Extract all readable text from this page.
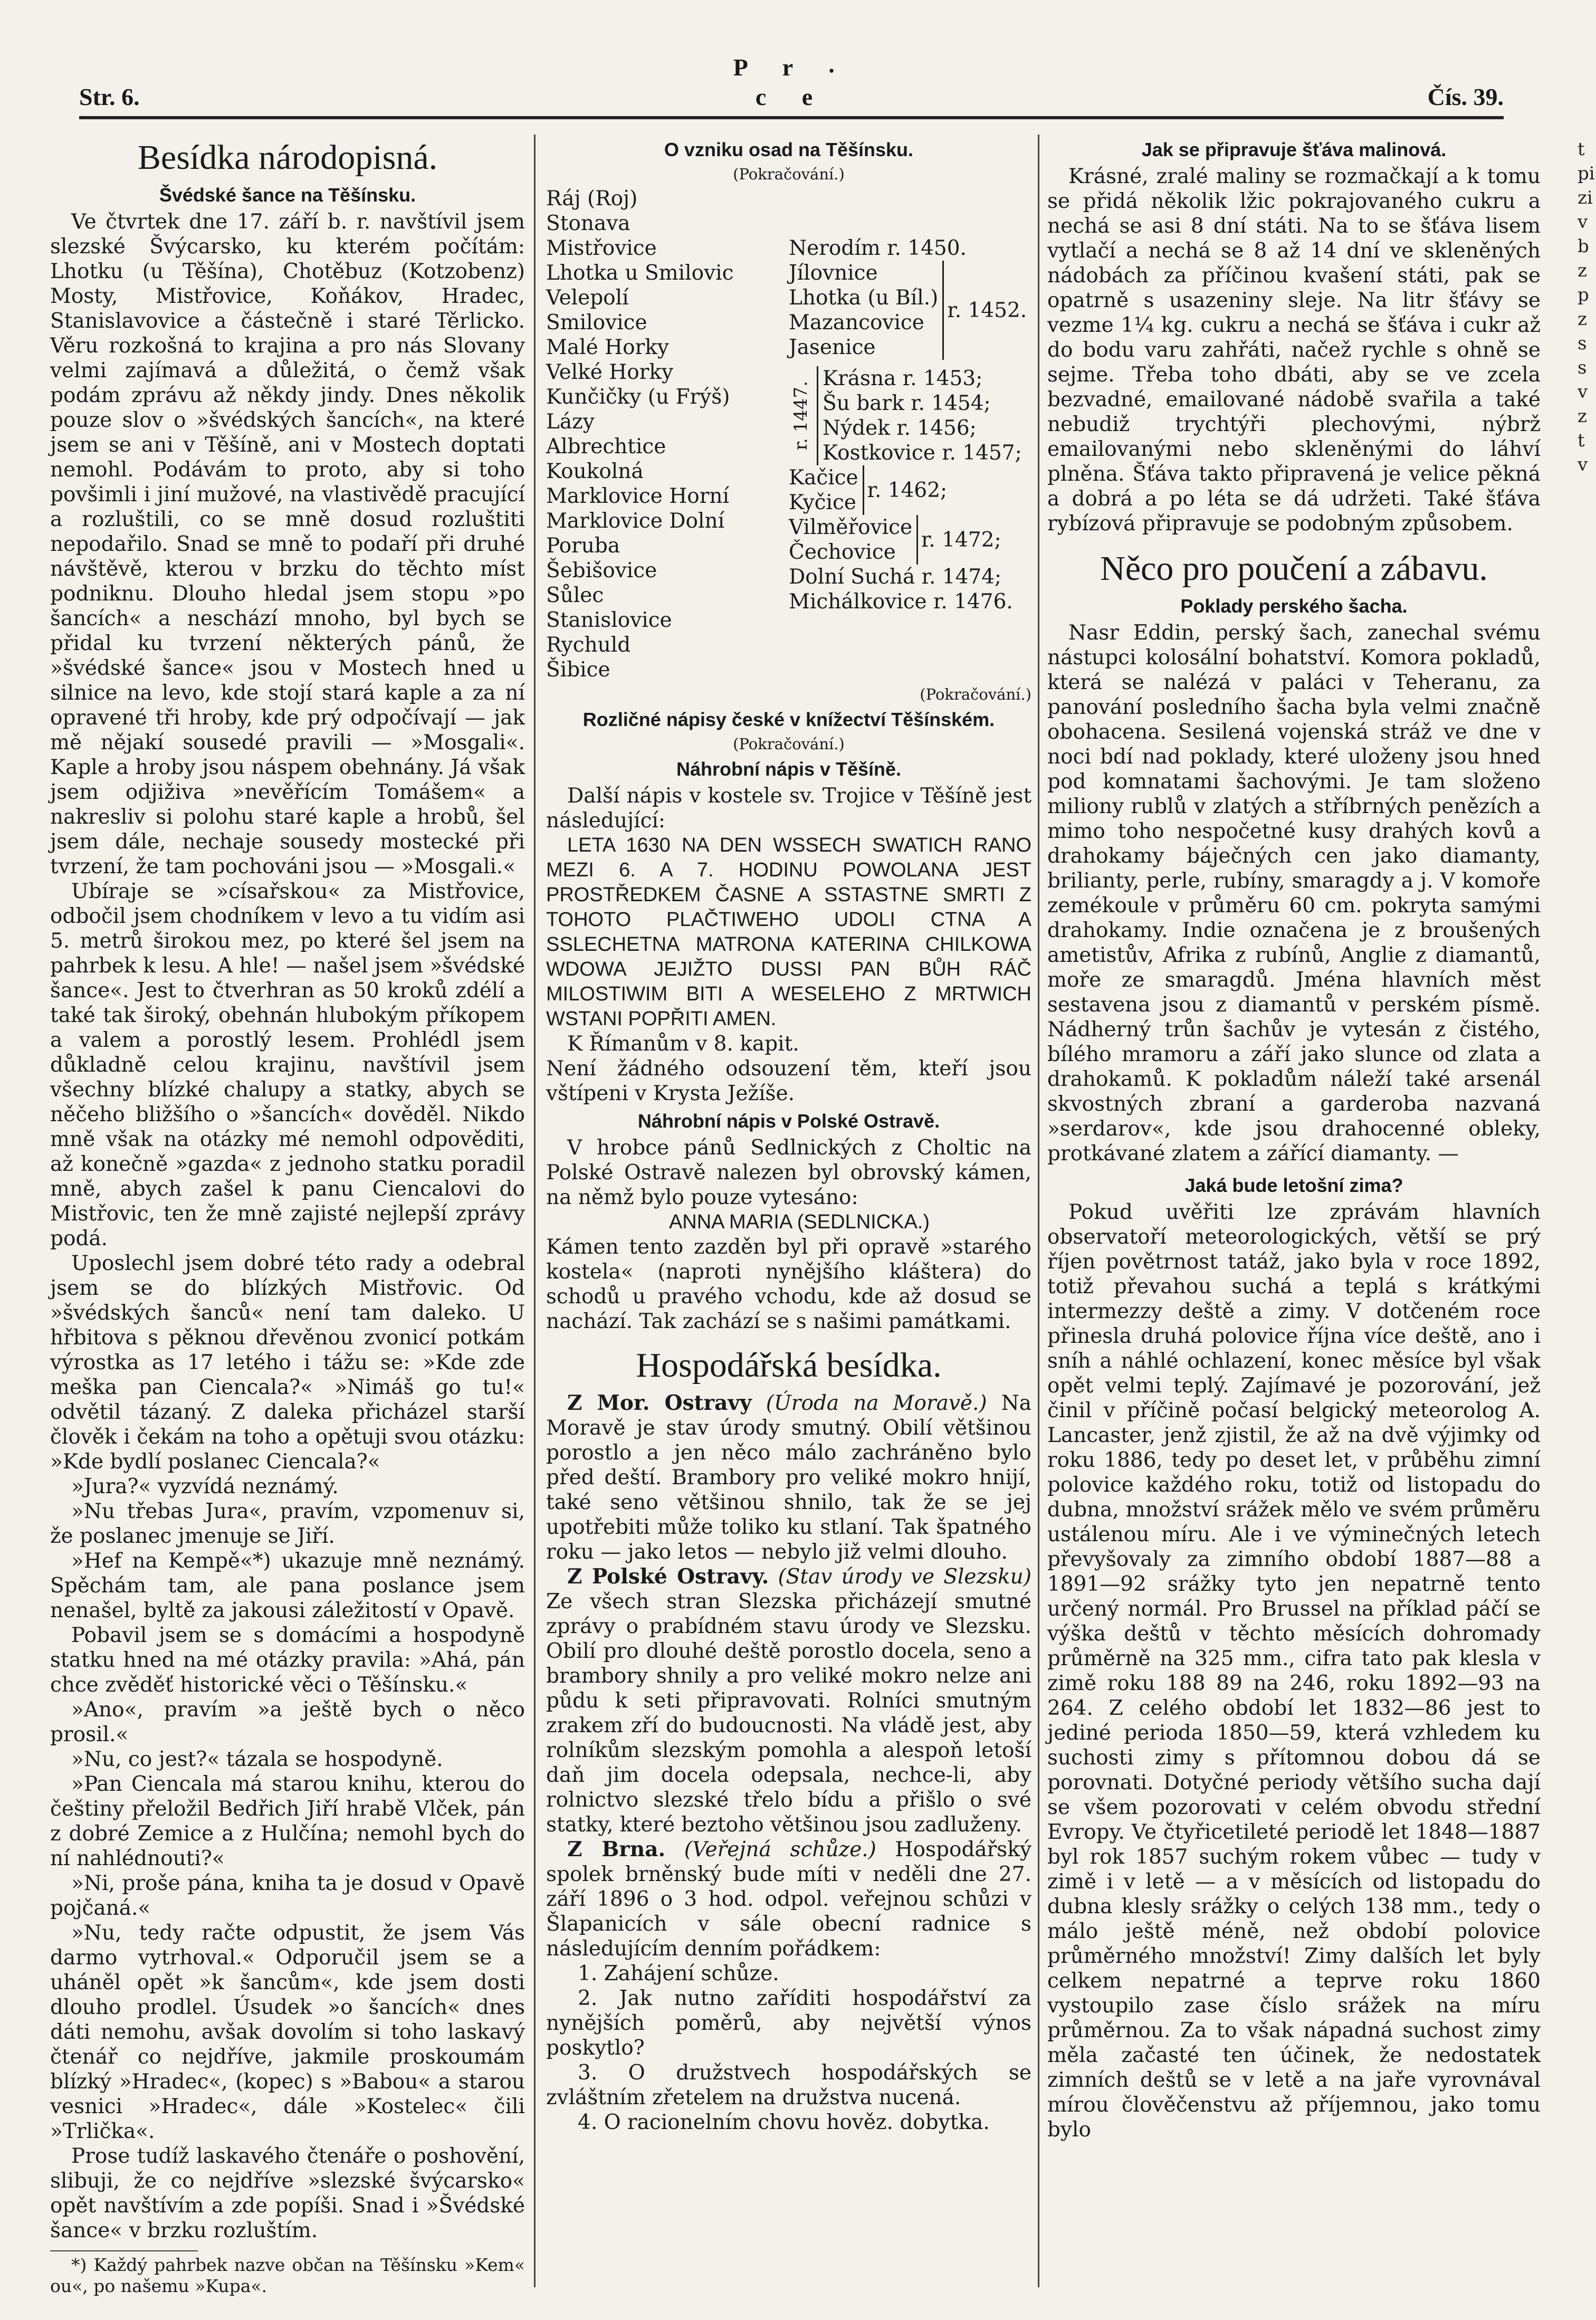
Str. 6.
P r ⸳ c e	Čís. 39.
Besídka národopisná.
Švédské šance na Těšínsku.

Ve čtvrtek dne 17. září b. r. navštívil jsem slezské Švýcarsko, ku kterém počítám: Lhotku (u Těšína), Chotěbuz (Kotzobenz) Mosty, Mistřovice, Koňákov, Hradec, Stanislavovice a částečně i staré Těrlicko. Věru rozkošná to krajina a pro nás Slovany velmi zajímavá a důležitá, o čemž však podám zprávu až někdy jindy. Dnes několik pouze slov o »švédských šancích«, na které jsem se ani v Těšíně, ani v Mostech doptati nemohl. Podávám to proto, aby si toho povšimli i jiní mužové, na vlastivědě pracující a rozluštili, co se mně dosud rozluštiti nepodařilo. Snad se mně to podaří při druhé návštěvě, kterou v brzku do těchto míst podniknu. Dlouho hledal jsem stopu »po šancích« a neschází mnoho, byl bych se přidal ku tvrzení některých pánů, že »švédské šance« jsou v Mostech hned u silnice na levo, kde stojí stará kaple a za ní opravené tři hroby, kde prý odpočívají — jak mě nějakí sousedé pravili — »Mosgali«. Kaple a hroby jsou náspem obehnány. Já však jsem odjiživa »nevěřícím Tomášem« a nakresliv si polohu staré kaple a hrobů, šel jsem dále, nechaje sousedy mostecké při tvrzení, že tam pochováni jsou — »Mosgali.«

Ubíraje se »císařskou« za Mistřovice, odbočil jsem chodníkem v levo a tu vidím asi 5. metrů širokou mez, po které šel jsem na pahrbek k lesu. A hle! — našel jsem »švédské šance«. Jest to čtverhran as 50 kroků zdélí a také tak široký, obehnán hlubokým příkopem a valem a porostlý lesem. Prohlédl jsem důkladně celou krajinu, navštívil jsem všechny blízké chalupy a statky, abych se něčeho bližšího o »šancích« dověděl. Nikdo mně však na otázky mé nemohl odpověditi, až konečně »gazda« z jednoho statku poradil mně, abych zašel k panu Ciencalovi do Mistřovic, ten že mně zajisté nejlepší zprávy podá.

Uposlechl jsem dobré této rady a odebral jsem se do blízkých Mistřovic. Od »švédských šanců« není tam daleko. U hřbitova s pěknou dřevěnou zvonicí potkám výrostka as 17 letého i tážu se: »Kde zde meška pan Ciencala?« »Nimáš go tu!« odvětil tázaný. Z daleka přicházel starší člověk i čekám na toho a opětuji svou otázku: »Kde bydlí poslanec Ciencala?«

»Jura?« vyzvídá neznámý.

»Nu třebas Jura«, pravím, vzpomenuv si, že poslanec jmenuje se Jiří.

»Hef na Kempě«*) ukazuje mně neznámý. Spěchám tam, ale pana poslance jsem nenašel, byltě za jakousi záležitostí v Opavě.

Pobavil jsem se s domácími a hospodyně statku hned na mé otázky pravila: »Ahá, pán chce zvěděť historické věci o Těšínsku.«

»Ano«, pravím »a ještě bych o něco prosil.«

»Nu, co jest?« tázala se hospodyně.

»Pan Ciencala má starou knihu, kterou do češtiny přeložil Bedřich Jiří hrabě Vlček, pán z dobré Zemice a z Hulčína; nemohl bych do ní nahlédnouti?«

»Ni, proše pána, kniha ta je dosud v Opavě pojčaná.«

»Nu, tedy račte odpustit, že jsem Vás darmo vytrhoval.« Odporučil jsem se a uháněl opět »k šancům«, kde jsem dosti dlouho prodlel. Úsudek »o šancích« dnes dáti nemohu, avšak dovolím si toho laskavý čtenář co nejdříve, jakmile proskoumám blízký »Hradec«, (kopec) s »Babou« a starou vesnici »Hradec«, dále »Kostelec« čili »Trlička«.

Prose tudíž laskavého čtenáře o poshovění, slibuji, že co nejdříve »slezské švýcarsko« opět navštívím a zde popíši. Snad i »Švédské šance« v brzku rozluštím.

*) Každý pahrbek nazve občan na Těšínsku »Kem« ou«, po našemu »Kupa«.

O vzniku osad na Těšínsku.
(Pokračování.)
Ráj (Roj)
Stonava
Mistřovice
Lhotka u Smilovic
Velepolí
Smilovice
Malé Horky
Velké Horky
Kunčičky (u Frýš)
Lázy
Albrechtice
Koukolná
Marklovice Horní
Marklovice Dolní
Poruba
Šebišovice
Sůlec
Stanislovice
Rychuld
Šibice
Nerodím r. 1450.
Jílovnice
Lhotka (u Bíl.)
Mazancovice
Jasenice
r. 1452.
r. 1447.
Krásna r. 1453;
Šu bark r. 1454;
Nýdek r. 1456;
Kostkovice r. 1457;
Kačice
Kyčice
r. 1462;
Vilměřovice
Čechovice
r. 1472;
Dolní Suchá r. 1474;
Michálkovice r. 1476.
(Pokračování.)
Rozličné nápisy české v knížectví Těšínském.
(Pokračování.)
Náhrobní nápis v Těšíně.

Další nápis v kostele sv. Trojice v Těšíně jest následující:

LETA 1630 NA DEN WSSECH SWATICH RANO MEZI 6. A 7. HODINU POWOLANA JEST PROSTŘEDKEM ČASNE A SSTASTNE SMRTI Z TOHOTO PLAČTIWEHO UDOLI CTNA A SSLECHETNA MATRONA KATERINA CHILKOWA WDOWA JEJIŽTO DUSSI PAN BŮH RÁČ MILOSTIWIM BITI A WESELEHO Z MRTWICH WSTANI POPŘITI AMEN.

K Římanům v 8. kapit.

Není žádného odsouzení těm, kteří jsou vštípeni v Krysta Ježíše.

Náhrobní nápis v Polské Ostravě.

V hrobce pánů Sedlnických z Choltic na Polské Ostravě nalezen byl obrovský kámen, na němž bylo pouze vytesáno:

ANNA MARIA (SEDLNICKA.)

Kámen tento zazděn byl při opravě »starého kostela« (naproti nynějšího kláštera) do schodů u pravého vchodu, kde až dosud se nachází. Tak zachází se s našimi památkami.

Hospodářská besídka.

Z Mor. Ostravy (Úroda na Moravě.) Na Moravě je stav úrody smutný. Obilí většinou porostlo a jen něco málo zachráněno bylo před deští. Brambory pro veliké mokro hnijí, také seno většinou shnilo, tak že se jej upotřebiti může toliko ku stlaní. Tak špatného roku — jako letos — nebylo již velmi dlouho.

Z Polské Ostravy. (Stav úrody ve Slezsku) Ze všech stran Slezska přicházejí smutné zprávy o prabídném stavu úrody ve Slezsku. Obilí pro dlouhé deště porostlo docela, seno a brambory shnily a pro veliké mokro nelze ani půdu k seti připravovati. Rolníci smutným zrakem zří do budoucnosti. Na vládě jest, aby rolníkům slezským pomohla a alespoň letoší daň jim docela odepsala, nechce-li, aby rolnictvo slezské třelo bídu a přišlo o své statky, které beztoho většinou jsou zadluženy.

Z Brna. (Veřejná schůze.) Hospodářský spolek brněnský bude míti v neděli dne 27. září 1896 o 3 hod. odpol. veřejnou schůzi v Šlapanicích v sále obecní radnice s následujícím denním pořádkem:

1. Zahájení schůze.

2. Jak nutno zaříditi hospodářství za nynějších poměrů, aby největší výnos poskytlo?

3. O družstvech hospodářských se zvláštním zřetelem na družstva nucená.

4. O racionelním chovu hověz. dobytka.

Jak se připravuje šťáva malinová.

Krásné, zralé maliny se rozmačkají a k tomu se přidá několik lžic pokrajovaného cukru a nechá se asi 8 dní státi. Na to se šťáva lisem vytlačí a nechá se 8 až 14 dní ve skleněných nádobách za příčinou kvašení státi, pak se opatrně s usazeniny sleje. Na litr šťávy se vezme 1¼ kg. cukru a nechá se šťáva i cukr až do bodu varu zahřáti, načež rychle s ohně se sejme. Třeba toho dbáti, aby se ve zcela bezvadné, emailované nádobě svařila a také nebudiž trychtýři plechovými, nýbrž emailovanými nebo skleněnými do láhví plněna. Šťáva takto připravená je velice pěkná a dobrá a po léta se dá udržeti. Také šťáva rybízová připravuje se podobným způsobem.

Něco pro poučení a zábavu.
Poklady perského šacha.

Nasr Eddin, perský šach, zanechal svému nástupci kolosální bohatství. Komora pokladů, která se nalézá v paláci v Teheranu, za panování posledního šacha byla velmi značně obohacena. Sesilená vojenská stráž ve dne v noci bdí nad poklady, které uloženy jsou hned pod komnatami šachovými. Je tam složeno miliony rublů v zlatých a stříbrných penězích a mimo toho nespočetné kusy drahých kovů a drahokamy báječných cen jako diamanty, brilianty, perle, rubíny, smaragdy a j. V komoře zemékoule v průměru 60 cm. pokryta samými drahokamy. Indie označena je z broušených ametistův, Afrika z rubínů, Anglie z diamantů, moře ze smaragdů. Jména hlavních měst sestavena jsou z diamantů v perském písmě. Nádherný trůn šachův je vytesán z čistého, bílého mramoru a září jako slunce od zlata a drahokamů. K pokladům náleží také arsenál skvostných zbraní a garderoba nazvaná »serdarov«, kde jsou drahocenné obleky, protkávané zlatem a zářící diamanty. —

Jaká bude letošní zima?

Pokud uvěřiti lze zprávám hlavních observatoří meteorologických, větší se prý říjen povětrnost tatáž, jako byla v roce 1892, totiž převahou suchá a teplá s krátkými intermezzy deště a zimy. V dotčeném roce přinesla druhá polovice října více deště, ano i sníh a náhlé ochlazení, konec měsíce byl však opět velmi teplý. Zajímavé je pozorování, jež činil v příčině počasí belgický meteorolog A. Lancaster, jenž zjistil, že až na dvě výjimky od roku 1886, tedy po deset let, v průběhu zimní polovice každého roku, totiž od listopadu do dubna, množství srážek mělo ve svém průměru ustálenou míru. Ale i ve výminečných letech převyšovaly za zimního období 1887—88 a 1891—92 srážky tyto jen nepatrně tento určený normál. Pro Brussel na příklad páčí se výška deštů v těchto měsících dohromady průměrně na 325 mm., cifra tato pak klesla v zimě roku 188 89 na 246, roku 1892—93 na 264. Z celého období let 1832—86 jest to jediné perioda 1850—59, která vzhledem ku suchosti zimy s přítomnou dobou dá se porovnati. Dotyčné periody většího sucha dají se všem pozorovati v celém obvodu střední Evropy. Ve čtyřicetileté periodě let 1848—1887 byl rok 1857 suchým rokem vůbec — tudy v zimě i v letě — a v měsících od listopadu do dubna klesly srážky o celých 138 mm., tedy o málo ještě méně, než období polovice průměrného množství! Zimy dalších let byly celkem nepatrné a teprve roku 1860 vystoupilo zase číslo srážek na míru průměrnou. Za to však nápadná suchost zimy měla začasté ten účinek, že nedostatek zimních deštů se v letě a na jaře vyrovnával mírou člověčenstvu až příjemnou, jako tomu bylo

t pi zi v b z p z s s v z t v
